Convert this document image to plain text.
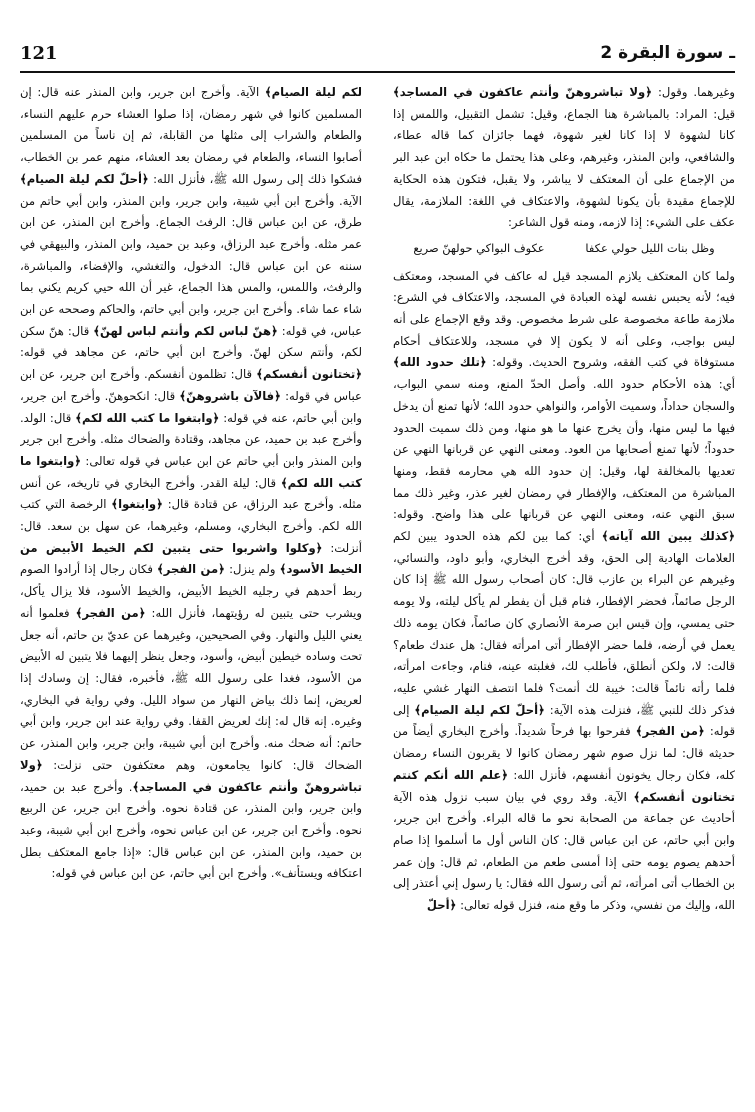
121	2 ـ سورة البقرة

وغيرهما. وقول: ﴿ولا تباشروهنّ وأنتم عاكفون في المساجد﴾ قيل: المراد: بالمباشرة هنا الجماع، وقيل: تشمل التقبيل، واللمس إذا كانا لشهوة لا إذا كانا لغير شهوة، فهما جائزان كما قاله عطاء، والشافعي، وابن المنذر، وغيرهم، وعلى هذا يحتمل ما حكاه ابن عبد البر من الإجماع على أن المعتكف لا يباشر، ولا يقبل، فتكون هذه الحكاية للإجماع مقيدة بأن يكونا لشهوة، والاعتكاف في اللغة: الملازمة، يقال عكف على الشيء: إذا لازمه، ومنه قول الشاعر:

وظل بنات الليل حولي عكفا
عكوف البواكي حولهنّ صريع

ولما كان المعتكف يلازم المسجد قيل له عاكف في المسجد، ومعتكف فيه؛ لأنه يحبس نفسه لهذه العبادة في المسجد، والاعتكاف في الشرع: ملازمة طاعة مخصوصة على شرط مخصوص. وقد وقع الإجماع على أنه ليس بواجب، وعلى أنه لا يكون إلا في مسجد، وللاعتكاف أحكام مستوفاة في كتب الفقه، وشروح الحديث. وقوله: ﴿تلك حدود الله﴾ أي: هذه الأحكام حدود الله. وأصل الحدّ المنع، ومنه سمي البواب، والسجان حداداً، وسميت الأوامر، والنواهي حدود الله؛ لأنها تمنع أن يدخل فيها ما ليس منها، وأن يخرج عنها ما هو منها، ومن ذلك سميت الحدود حدوداً؛ لأنها تمنع أصحابها من العود. ومعنى النهي عن قربانها النهي عن تعديها بالمخالفة لها، وقيل: إن حدود الله هي محارمه فقط، ومنها المباشرة من المعتكف، والإفطار في رمضان لغير عذر، وغير ذلك مما سبق النهي عنه، ومعنى النهي عن قربانها على هذا واضح. وقوله: ﴿كذلك يبين الله آياته﴾ أي: كما بين لكم هذه الحدود يبين لكم العلامات الهادية إلى الحق، وقد أخرج البخاري، وأبو داود، والنسائي، وغيرهم عن البراء بن عازب قال: كان أصحاب رسول الله ﷺ إذا كان الرجل صائماً، فحضر الإفطار، فنام قبل أن يفطر لم يأكل ليلته، ولا يومه حتى يمسي، وإن قيس ابن صرمة الأنصاري كان صائماً، فكان يومه ذلك يعمل في أرضه، فلما حضر الإفطار أتى امرأته فقال: هل عندك طعام؟ قالت: لا، ولكن أنطلق، فأطلب لك، فغلبته عينه، فنام، وجاءت امرأته، فلما رأته نائماً قالت: خيبة لك أنمت؟ فلما انتصف النهار غشي عليه، فذكر ذلك للنبي ﷺ، فنزلت هذه الآية: ﴿أحلّ لكم ليلة الصيام﴾ إلى قوله: ﴿من الفجر﴾ ففرحوا بها فرحاً شديداً. وأخرج البخاري أيضاً من حديثه قال: لما نزل صوم شهر رمضان كانوا لا يقربون النساء رمضان كله، فكان رجال يخونون أنفسهم، فأنزل الله: ﴿علم الله أنكم كنتم تختانون أنفسكم﴾ الآية. وقد روي في بيان سبب نزول هذه الآية أحاديث عن جماعة من الصحابة نحو ما قاله البراء. وأخرج ابن جرير، وابن أبي حاتم، عن ابن عباس قال: كان الناس أول ما أسلموا إذا صام أحدهم يصوم يومه حتى إذا أمسى طعم من الطعام، ثم قال: وإن عمر بن الخطاب أتى امرأته، ثم أتى رسول الله فقال: يا رسول إني أعتذر إلى الله، وإليك من نفسي، وذكر ما وقع منه، فنزل قوله تعالى: ﴿أحلّ

لكم ليلة الصيام﴾ الآية. وأخرج ابن جرير، وابن المنذر عنه قال: إن المسلمين كانوا في شهر رمضان، إذا صلوا العشاء حرم عليهم النساء، والطعام والشراب إلى مثلها من القابلة، ثم إن ناساً من المسلمين أصابوا النساء، والطعام في رمضان بعد العشاء، منهم عمر بن الخطاب، فشكوا ذلك إلى رسول الله ﷺ، فأنزل الله: ﴿أحلّ لكم ليلة الصيام﴾ الآية. وأخرج ابن أبي شيبة، وابن جرير، وابن المنذر، وابن أبي حاتم من طرق، عن ابن عباس قال: الرفث الجماع. وأخرج ابن المنذر، عن ابن عمر مثله. وأخرج عبد الرزاق، وعبد بن حميد، وابن المنذر، والبيهقي في سننه عن ابن عباس قال: الدخول، والتغشي، والإفضاء، والمباشرة، والرفث، واللمس، والمس هذا الجماع، غير أن الله حيي كريم يكني بما شاء عما شاء. وأخرج ابن جرير، وابن أبي حاتم، والحاكم وصححه عن ابن عباس، في قوله: ﴿هنّ لباس لكم وأنتم لباس لهنّ﴾ قال: هنّ سكن لكم، وأنتم سكن لهنّ. وأخرج ابن أبي حاتم، عن مجاهد في قوله: ﴿تختانون أنفسكم﴾ قال: تظلمون أنفسكم. وأخرج ابن جرير، عن ابن عباس في قوله: ﴿فالآن باشروهنّ﴾ قال: انكحوهنّ. وأخرج ابن جرير، وابن أبي حاتم، عنه في قوله: ﴿وابتغوا ما كتب الله لكم﴾ قال: الولد. وأخرج عبد بن حميد، عن مجاهد، وقتادة والضحاك مثله. وأخرج ابن جرير وابن المنذر وابن أبي حاتم عن ابن عباس في قوله تعالى: ﴿وابتغوا ما كتب الله لكم﴾ قال: ليلة القدر. وأخرج البخاري في تاريخه، عن أنس مثله. وأخرج عبد الرزاق، عن قتادة قال: ﴿وابتغوا﴾ الرخصة التي كتب الله لكم. وأخرج البخاري، ومسلم، وغيرهما، عن سهل بن سعد. قال: أنزلت: ﴿وكلوا واشربوا حتى يتبين لكم الخيط الأبيض من الخيط الأسود﴾ ولم ينزل: ﴿من الفجر﴾ فكان رجال إذا أرادوا الصوم ربط أحدهم في رجليه الخيط الأبيض، والخيط الأسود، فلا يزال يأكل، ويشرب حتى يتبين له رؤيتهما، فأنزل الله: ﴿من الفجر﴾ فعلموا أنه يعني الليل والنهار. وفي الصحيحين، وغيرهما عن عديّ بن حاتم، أنه جعل تحت وساده خيطين أبيض، وأسود، وجعل ينظر إليهما فلا يتبين له الأبيض من الأسود، فغدا على رسول الله ﷺ، فأخبره، فقال: إن وسادك إذا لعريض، إنما ذلك بياض النهار من سواد الليل. وفي رواية في البخاري، وغيره. إنه قال له: إنك لعريض القفا. وفي رواية عند ابن جرير، وابن أبي حاتم: أنه ضحك منه. وأخرج ابن أبي شيبة، وابن جرير، وابن المنذر، عن الضحاك قال: كانوا يجامعون، وهم معتكفون حتى نزلت: ﴿ولا تباشروهنّ وأنتم عاكفون في المساجد﴾. وأخرج عبد بن حميد، وابن جرير، وابن المنذر، عن قتادة نحوه. وأخرج ابن جرير، عن الربيع نحوه. وأخرج ابن جرير، عن ابن عباس نحوه، وأخرج ابن أبي شيبة، وعبد بن حميد، وابن المنذر، عن ابن عباس قال: «إذا جامع المعتكف بطل اعتكافه ويستأنف». وأخرج ابن أبي حاتم، عن ابن عباس في قوله:
